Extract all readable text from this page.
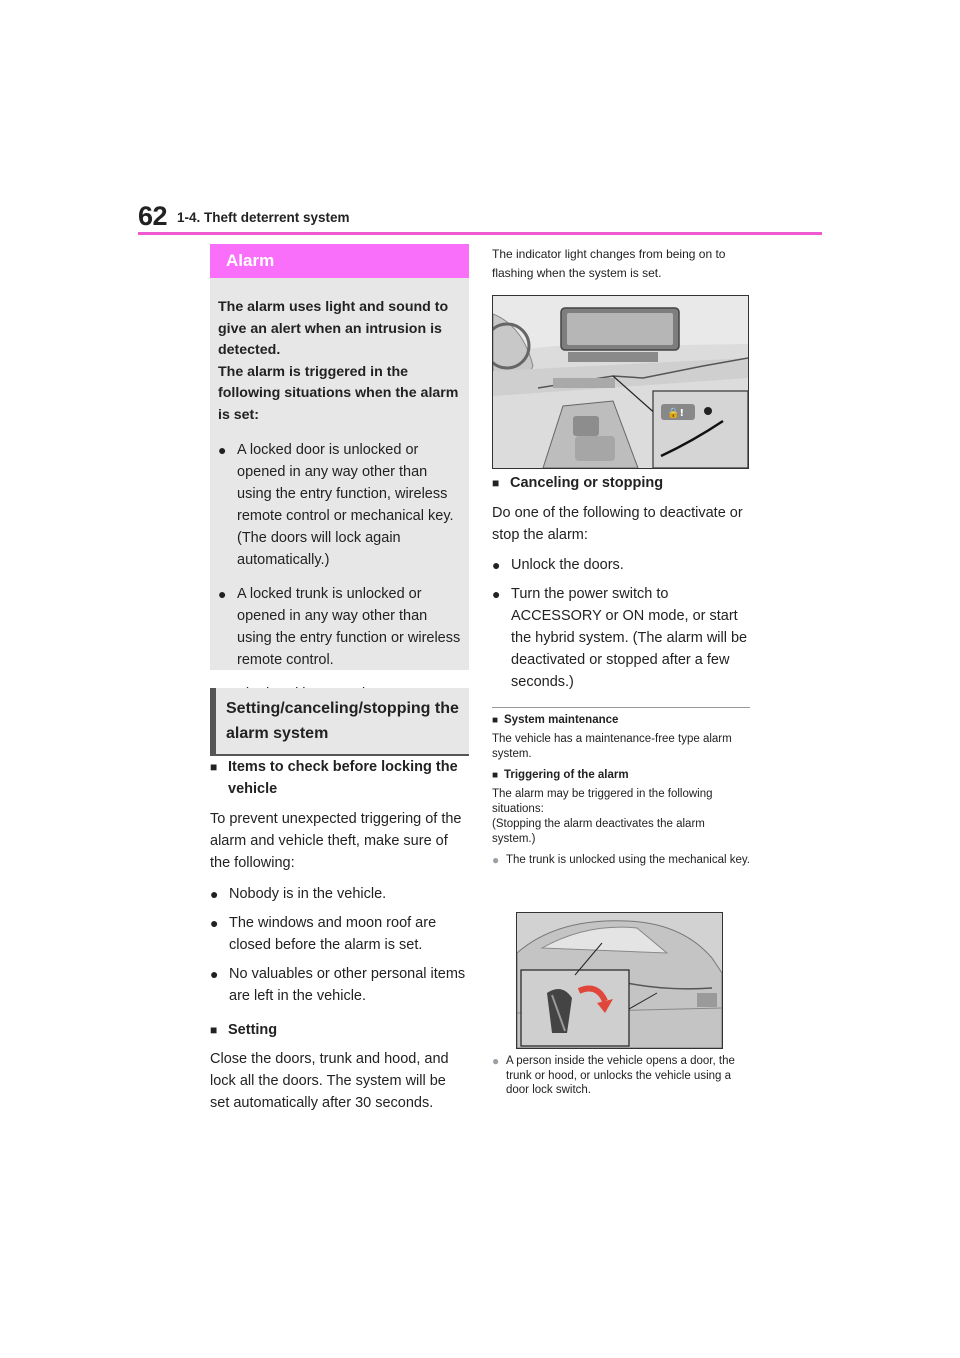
62 1-4. Theft deterrent system
Alarm
The alarm uses light and sound to give an alert when an intrusion is detected.
The alarm is triggered in the following situations when the alarm is set:
● A locked door is unlocked or opened in any way other than using the entry function, wireless remote control or mechanical key. (The doors will lock again automatically.)
● A locked trunk is unlocked or opened in any way other than using the entry function or wireless remote control.
Setting/canceling/stopping the alarm system
■ Items to check before locking the vehicle
To prevent unexpected triggering of the alarm and vehicle theft, make sure of the following:
● Nobody is in the vehicle.
● The windows and moon roof are closed before the alarm is set.
● No valuables or other personal items are left in the vehicle.
■ Setting
Close the doors, trunk and hood, and lock all the doors. The system will be set automatically after 30 seconds.
The indicator light changes from being on to flashing when the system is set.
🔒!
■ Canceling or stopping
Do one of the following to deactivate or stop the alarm:
● Unlock the doors.
● Turn the power switch to ACCESSORY or ON mode, or start the hybrid system. (The alarm will be deactivated or stopped after a few seconds.)
■ System maintenance
The vehicle has a maintenance-free type alarm system.
■ Triggering of the alarm
The alarm may be triggered in the following situations:
(Stopping the alarm deactivates the alarm system.)
● The trunk is unlocked using the mechanical key.
● A person inside the vehicle opens a door, the trunk or hood, or unlocks the vehicle using a door lock switch.
